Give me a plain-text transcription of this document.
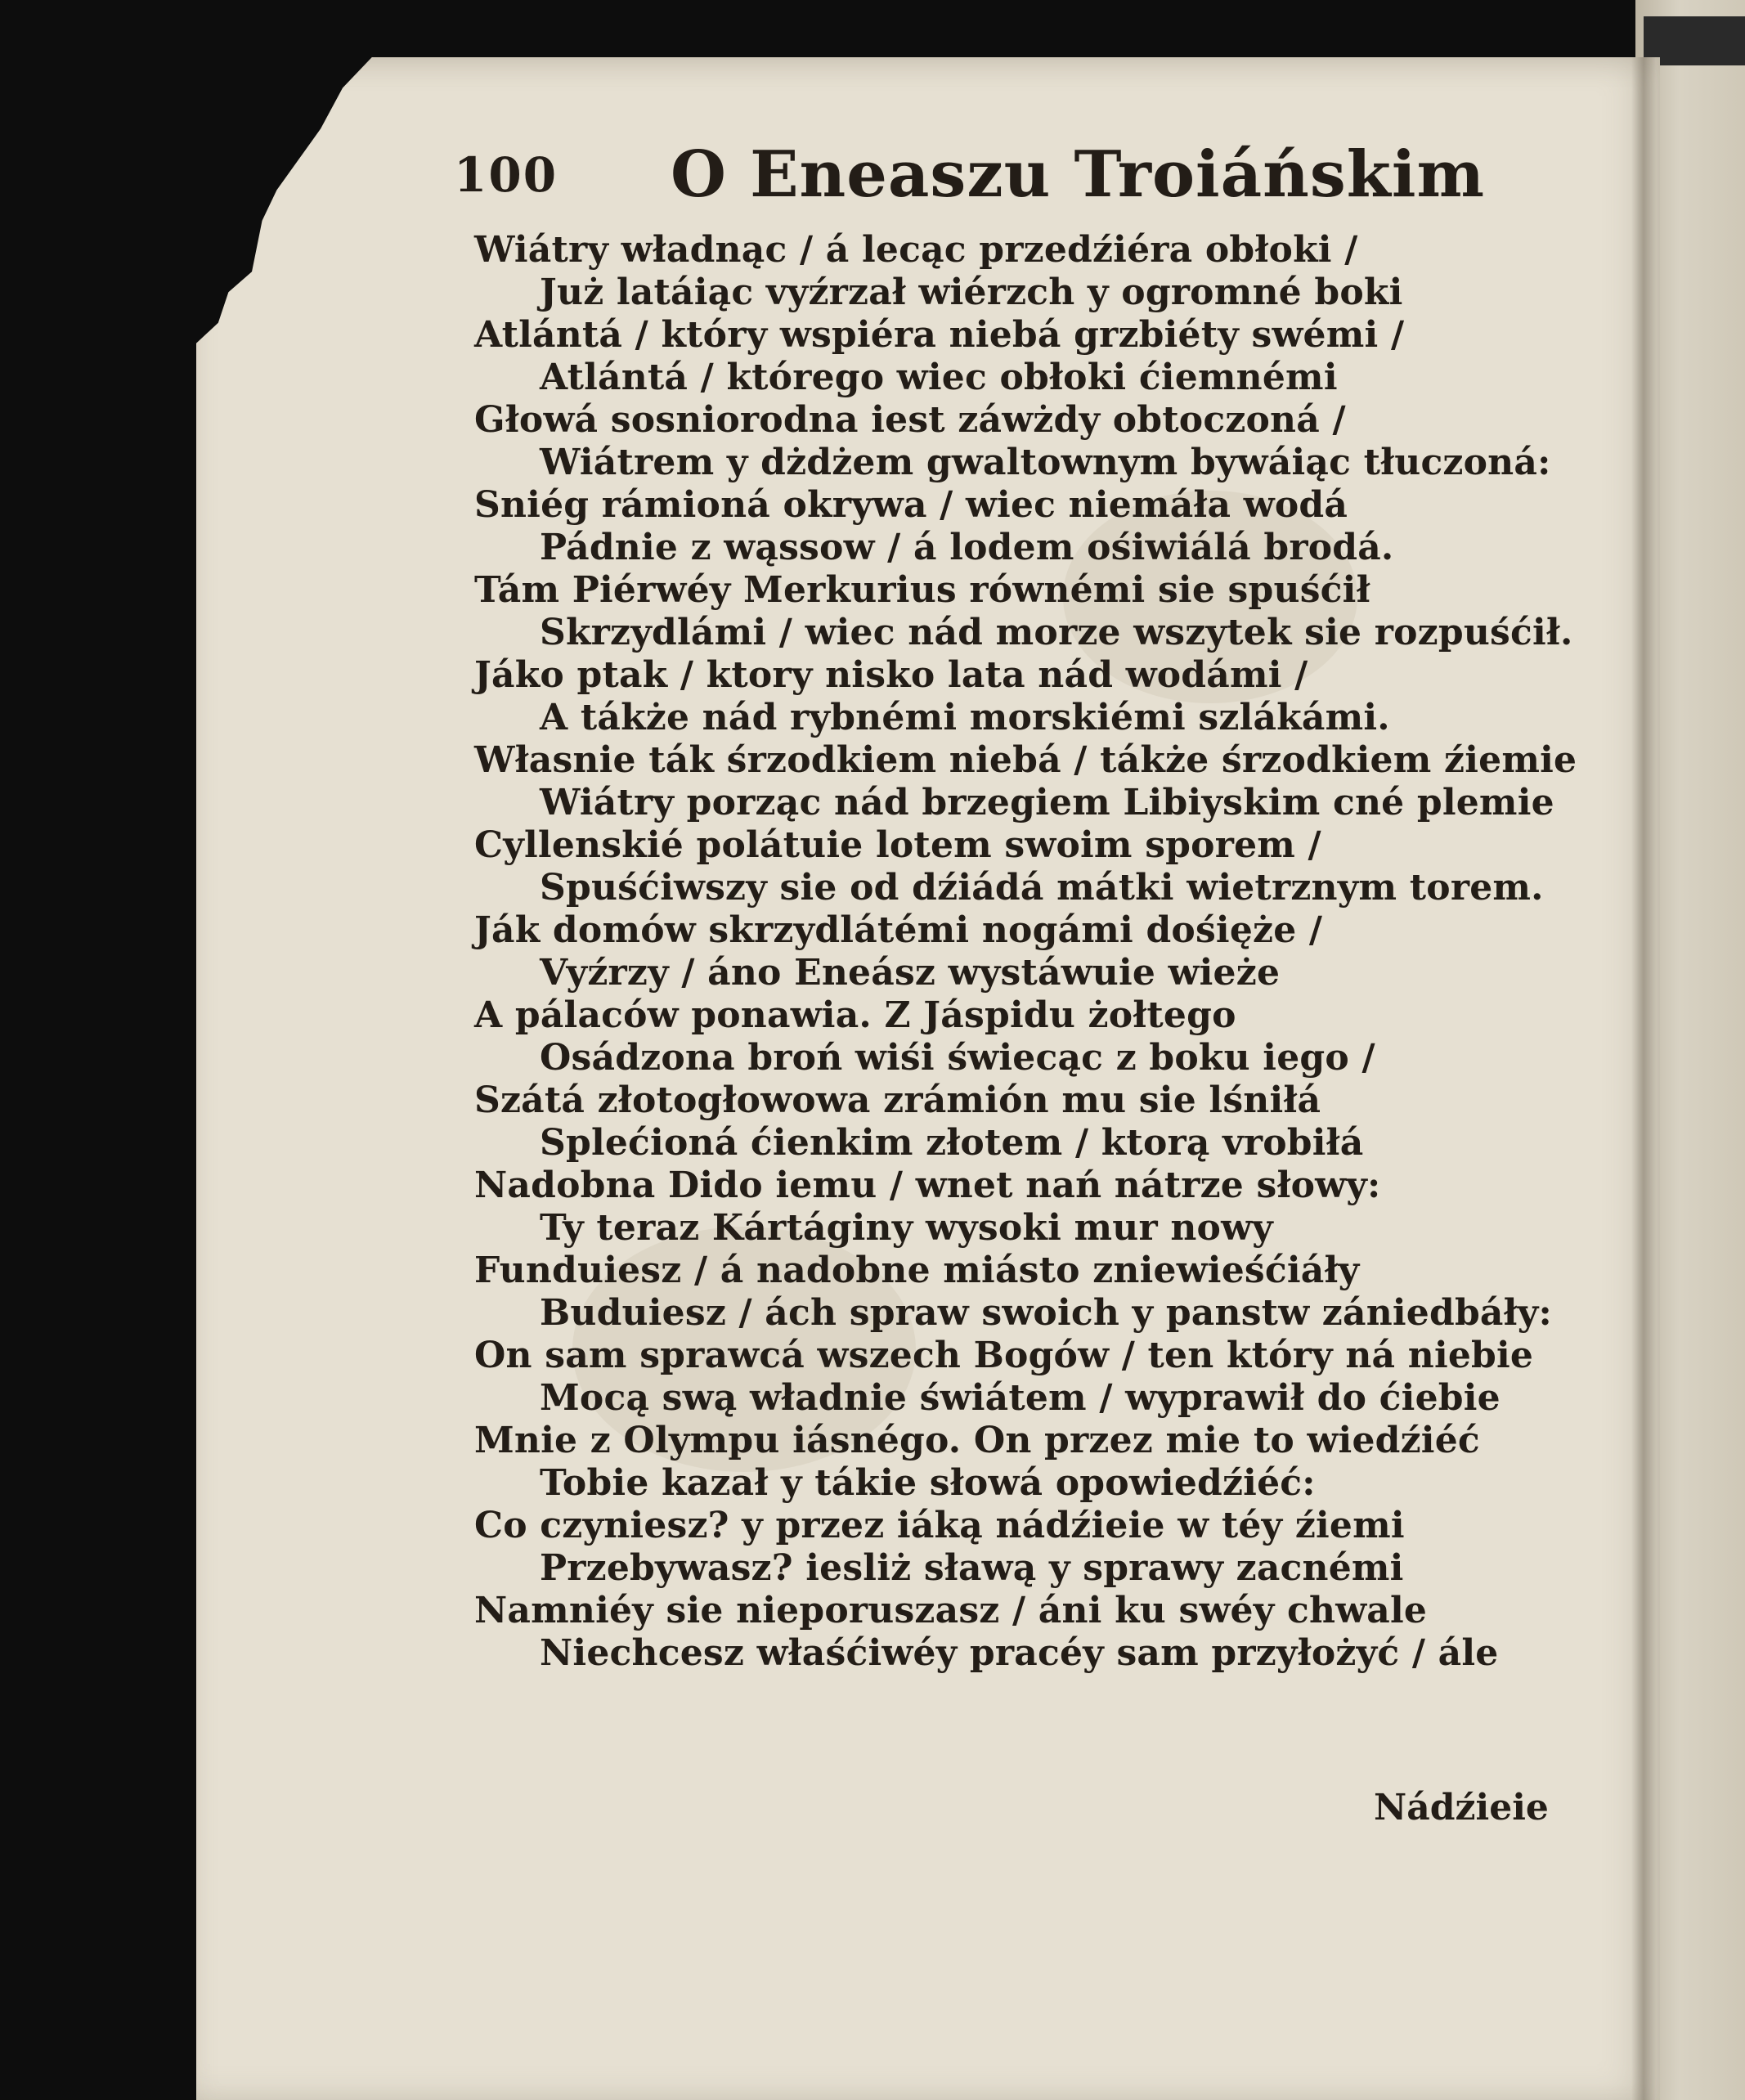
100 O Eneaszu Troiáńskim
Wiátry władnąc / á lecąc przedźiéra obłoki /
Już latáiąc vyźrzał wiérzch y ogromné boki
Atlántá / który wspiéra niebá grzbiéty swémi /
Atlántá / którego wiec obłoki ćiemnémi
Głowá sosniorodna iest záwżdy obtoczoná /
Wiátrem y dżdżem gwaltownym bywáiąc tłuczoná:
Sniég rámioná okrywa / wiec niemáła wodá
Pádnie z wąssow / á lodem ośiwiálá brodá.
Tám Piérwéy Merkurius równémi sie spuśćił
Skrzydlámi / wiec nád morze wszytek sie rozpuśćił.
Jáko ptak / ktory nisko lata nád wodámi /
A tákże nád rybnémi morskiémi szlákámi.
Własnie ták śrzodkiem niebá / tákże śrzodkiem źiemie
Wiátry porząc nád brzegiem Libiyskim cné plemie
Cyllenskié polátuie lotem swoim sporem /
Spuśćiwszy sie od dźiádá mátki wietrznym torem.
Ják domów skrzydlátémi nogámi dośięże /
Vyźrzy / áno Eneász wystáwuie wieże
A pálaców ponawia. Z Jáspidu żołtego
Osádzona broń wiśi świecąc z boku iego /
Szátá złotogłowowa zrámión mu sie lśniłá
Splećioná ćienkim złotem / ktorą vrobiłá
Nadobna Dido iemu / wnet nań nátrze słowy:
Ty teraz Kártáginy wysoki mur nowy
Funduiesz / á nadobne miásto zniewieśćiáły
Buduiesz / ách spraw swoich y panstw zániedbáły:
On sam sprawcá wszech Bogów / ten który ná niebie
Mocą swą władnie świátem / wyprawił do ćiebie
Mnie z Olympu iásnégo. On przez mie to wiedźiéć
Tobie kazał y tákie słowá opowiedźiéć:
Co czyniesz? y przez iáką nádźieie w téy źiemi
Przebywasz? iesliż sławą y sprawy zacnémi
Namniéy sie nieporuszasz / áni ku swéy chwale
Niechcesz właśćiwéy pracéy sam przyłożyć / ále
Nádźieie
